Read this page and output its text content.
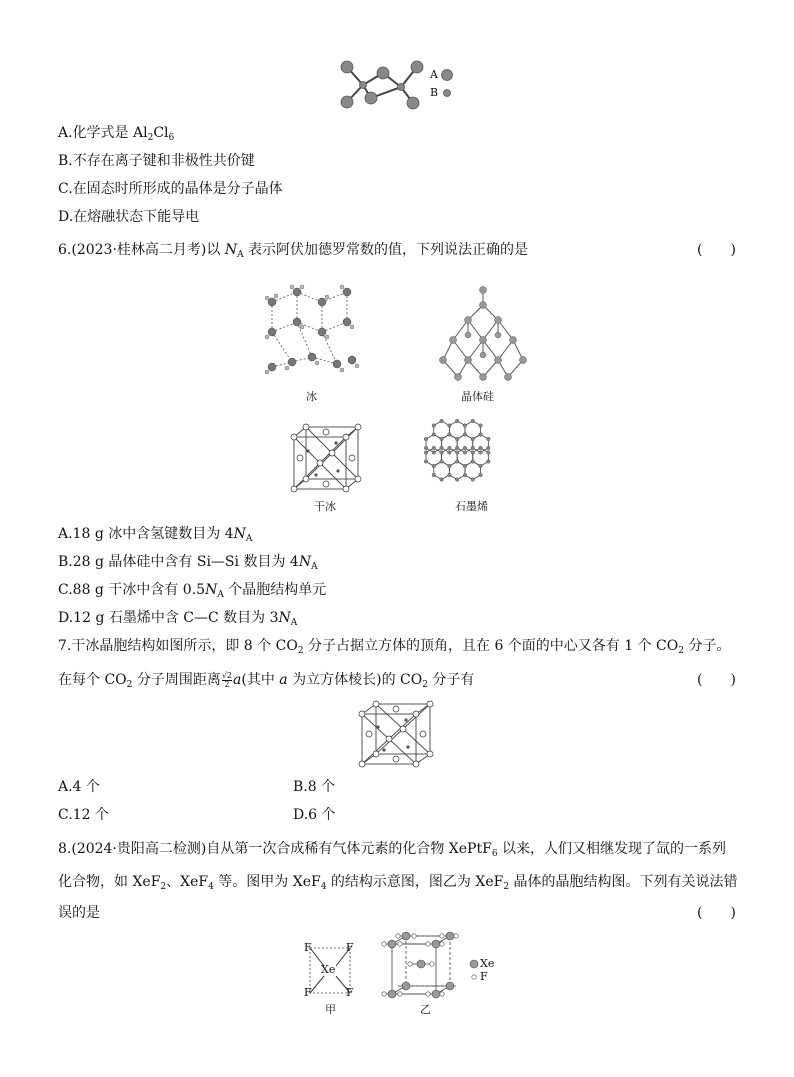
A
B
A.化学式是 $Al_2Cl_6$
B.不存在离子键和非极性共价键
C.在固态时所形成的晶体是分子晶体
D.在熔融状态下能导电
6.(2023·桂林高二月考)以 $N_A$ 表示阿伏加德罗常数的值，下列说法正确的是	(　　)
冰	晶体硅
干冰	石墨烯
A.18 g 冰中含氢键数目为 $4N_A$
B.28 g 晶体硅中含有 Si—Si 数目为 $4N_A$
C.88 g 干冰中含有 $0.5N_A$ 个晶胞结构单元
D.12 g 石墨烯中含 C—C 数目为 $3N_A$
7.干冰晶胞结构如图所示，即 8 个 $CO_2$ 分子占据立方体的顶角，且在 6 个面的中心又各有 1 个 $CO_2$ 分子。
在每个 $CO_2$ 分子周围距离 $\frac{√2}{2} a$(其中 a 为立方体棱长)的 $CO_2$ 分子有	(　　)
A.4 个	B.8 个
C.12 个	D.6 个
8.(2024·贵阳高二检测)自从第一次合成稀有气体元素的化合物 XePtF$_6$ 以来，人们又相继发现了氙的一系列
化合物，如 XeF$_2$、XeF$_4$ 等。图甲为 XeF$_4$ 的结构示意图，图乙为 XeF$_2$ 晶体的晶胞结构图。下列有关说法错
误的是	(　　)
Xe
F	F
F	F
甲
Xe
F
乙
